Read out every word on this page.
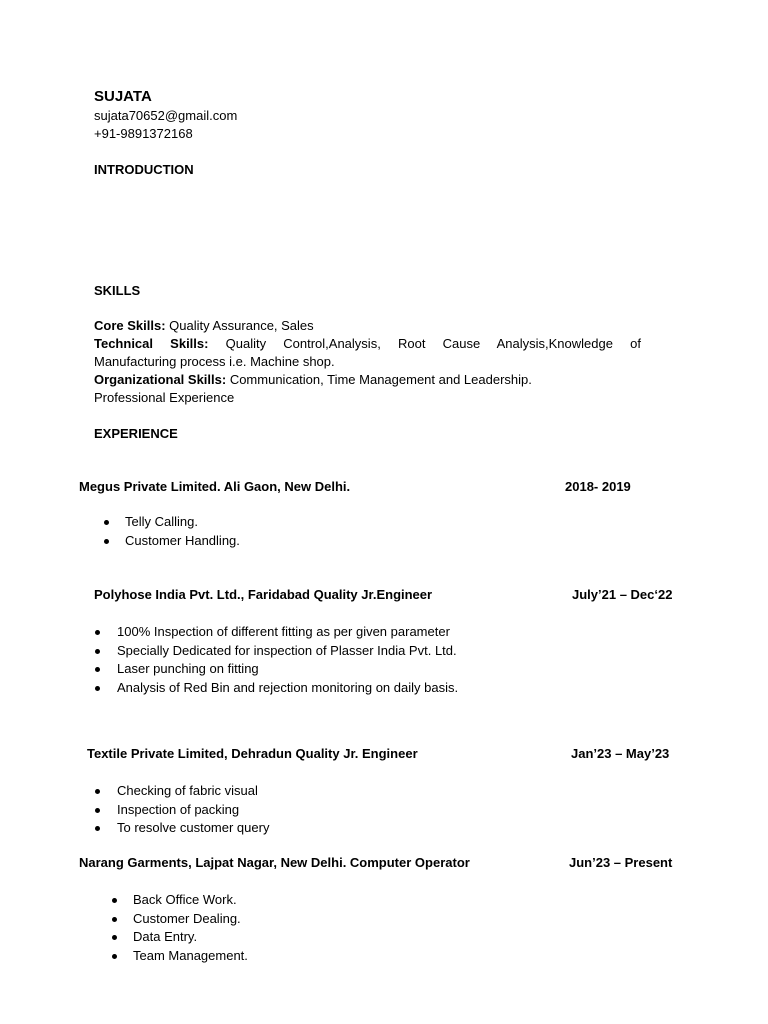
SUJATA
sujata70652@gmail.com
+91-9891372168
INTRODUCTION
SKILLS
Core Skills: Quality Assurance, Sales
Technical Skills: Quality Control,Analysis, Root Cause Analysis,Knowledge of
Manufacturing process i.e. Machine shop.
Organizational Skills: Communication, Time Management and Leadership.
Professional Experience
EXPERIENCE
Megus Private Limited. Ali Gaon, New Delhi.	2018- 2019
Telly Calling.
Customer Handling.
Polyhose India Pvt. Ltd., Faridabad Quality Jr.Engineer	July’21 – Dec‘22
100% Inspection of different fitting as per given parameter
Specially Dedicated for inspection of Plasser India Pvt. Ltd.
Laser punching on fitting
Analysis of Red Bin and rejection monitoring on daily basis.
Textile Private Limited, Dehradun Quality Jr. Engineer	Jan’23 – May’23
Checking of fabric visual
Inspection of packing
To resolve customer query
Narang Garments, Lajpat Nagar, New Delhi. Computer Operator	Jun’23 – Present
Back Office Work.
Customer Dealing.
Data Entry.
Team Management.
